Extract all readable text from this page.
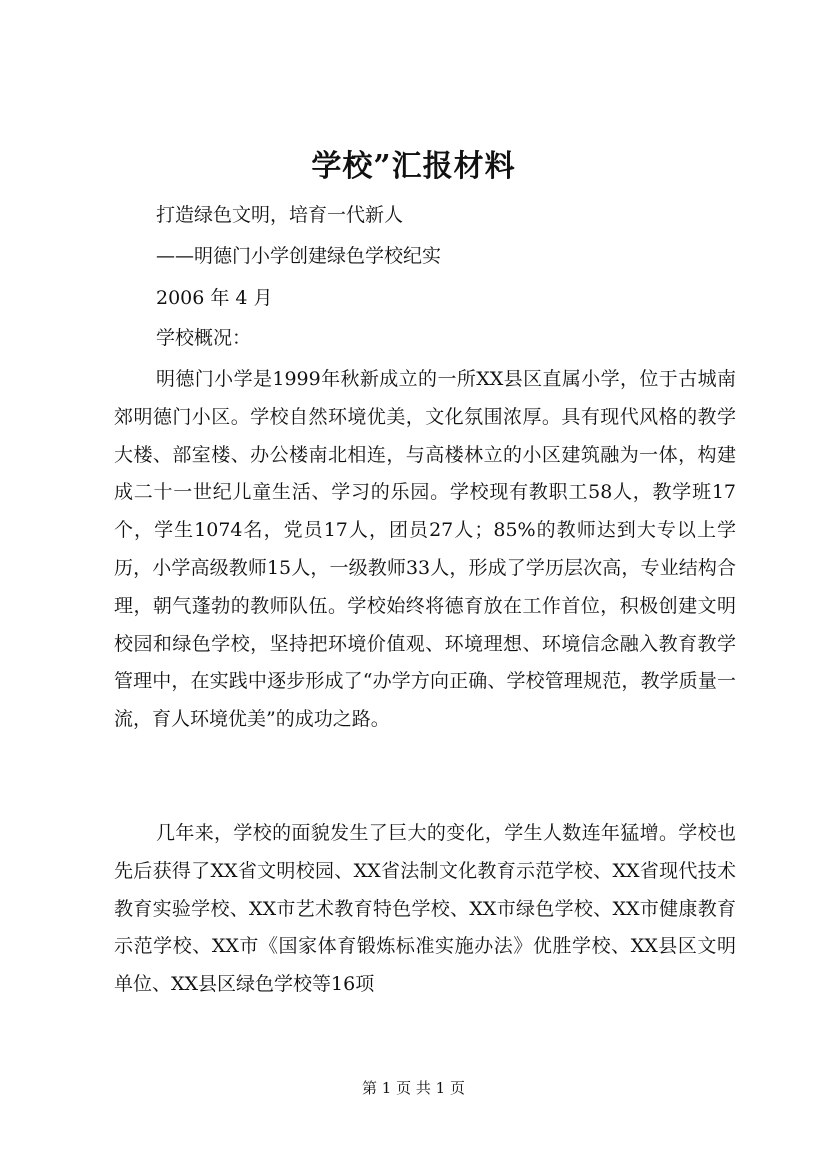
学校”汇报材料

打造绿色文明，培育一代新人

——明德门小学创建绿色学校纪实

2006 年 4 月

学校概况：

明德门小学是1999年秋新成立的一所XX县区直属小学，位于古城南郊明德门小区。学校自然环境优美，文化氛围浓厚。具有现代风格的教学大楼、部室楼、办公楼南北相连，与高楼林立的小区建筑融为一体，构建成二十一世纪儿童生活、学习的乐园。学校现有教职工58人，教学班17个，学生1074名，党员17人，团员27人；85%的教师达到大专以上学历，小学高级教师15人，一级教师33人，形成了学历层次高，专业结构合理，朝气蓬勃的教师队伍。学校始终将德育放在工作首位，积极创建文明校园和绿色学校，坚持把环境价值观、环境理想、环境信念融入教育教学管理中，在实践中逐步形成了“办学方向正确、学校管理规范，教学质量一流，育人环境优美”的成功之路。

几年来，学校的面貌发生了巨大的变化，学生人数连年猛增。学校也先后获得了XX省文明校园、XX省法制文化教育示范学校、XX省现代技术教育实验学校、XX市艺术教育特色学校、XX市绿色学校、XX市健康教育示范学校、XX市《国家体育锻炼标准实施办法》优胜学校、XX县区文明单位、XX县区绿色学校等16项

第 1 页 共 1 页
